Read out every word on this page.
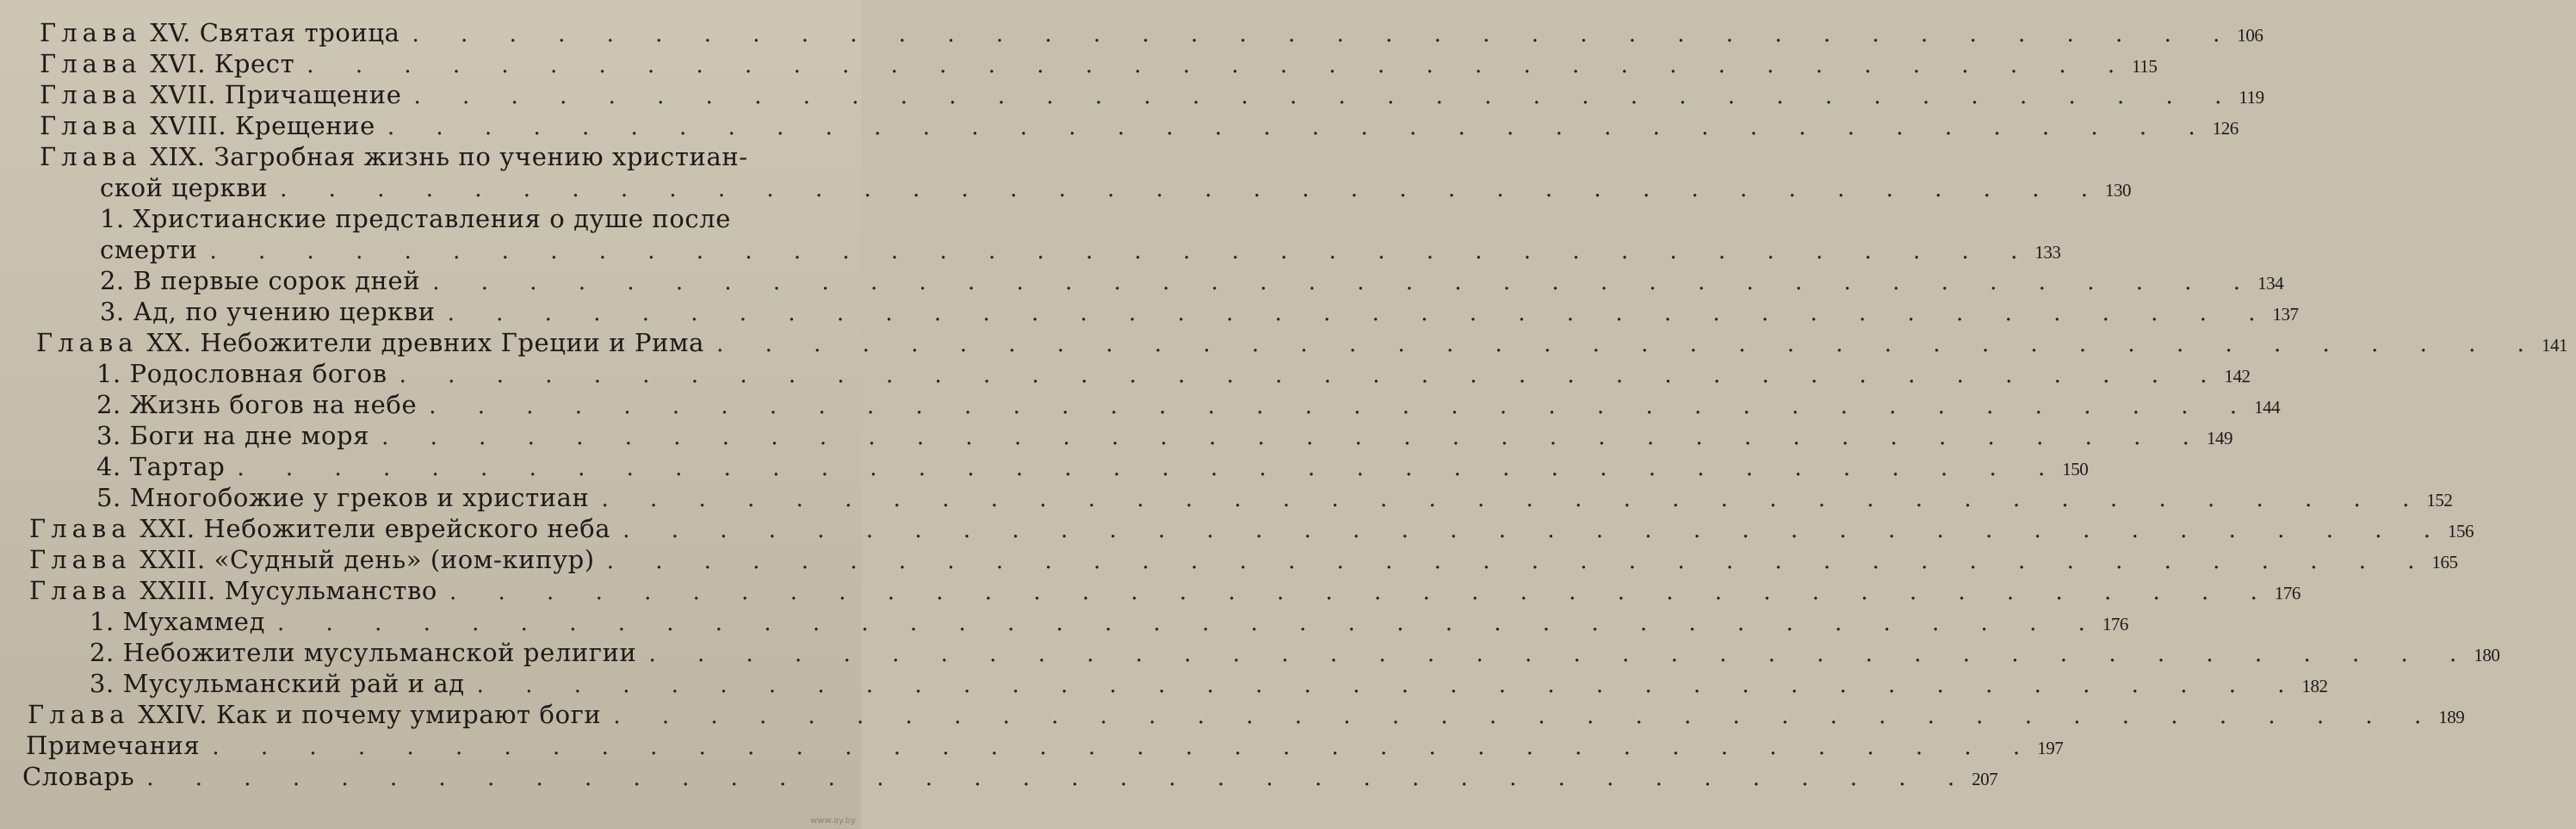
Глава XV. Святая троица . . . . . . . . . . . . . . . . . . . . . . . . . . . . . . . . . . . . . . 106
Глава XVI. Крест . . . . . . . . . . . . . . . . . . . . . . . . . . . . . . . . . . . . . . 115
Глава XVII. Причащение . . . . . . . . . . . . . . . . . . . . . . . . . . . . . . . . . . . . . . 119
Глава XVIII. Крещение . . . . . . . . . . . . . . . . . . . . . . . . . . . . . . . . . . . . . . 126
Глава XIX. Загробная жизнь по учению христиан-
ской церкви . . . . . . . . . . . . . . . . . . . . . . . . . . . . . . . . . . . . . . 130
1. Христианские представления о душе после
смерти . . . . . . . . . . . . . . . . . . . . . . . . . . . . . . . . . . . . . . 133
2. В первые сорок дней . . . . . . . . . . . . . . . . . . . . . . . . . . . . . . . . . . . . . . 134
3. Ад, по учению церкви . . . . . . . . . . . . . . . . . . . . . . . . . . . . . . . . . . . . . . 137
Глава XX. Небожители древних Греции и Рима . . . . . . . . . . . . . . . . . . . . . . . . . . . . . . . . . . . . . . 141
1. Родословная богов . . . . . . . . . . . . . . . . . . . . . . . . . . . . . . . . . . . . . . 142
2. Жизнь богов на небе . . . . . . . . . . . . . . . . . . . . . . . . . . . . . . . . . . . . . . 144
3. Боги на дне моря . . . . . . . . . . . . . . . . . . . . . . . . . . . . . . . . . . . . . . 149
4. Тартар . . . . . . . . . . . . . . . . . . . . . . . . . . . . . . . . . . . . . . 150
5. Многобожие у греков и христиан . . . . . . . . . . . . . . . . . . . . . . . . . . . . . . . . . . . . . . 152
Глава XXI. Небожители еврейского неба . . . . . . . . . . . . . . . . . . . . . . . . . . . . . . . . . . . . . . 156
Глава XXII. «Судный день» (иом-кипур) . . . . . . . . . . . . . . . . . . . . . . . . . . . . . . . . . . . . . . 165
Глава XXIII. Мусульманство . . . . . . . . . . . . . . . . . . . . . . . . . . . . . . . . . . . . . . 176
1. Мухаммед . . . . . . . . . . . . . . . . . . . . . . . . . . . . . . . . . . . . . . 176
2. Небожители мусульманской религии . . . . . . . . . . . . . . . . . . . . . . . . . . . . . . . . . . . . . . 180
3. Мусульманский рай и ад . . . . . . . . . . . . . . . . . . . . . . . . . . . . . . . . . . . . . . 182
Глава XXIV. Как и почему умирают боги . . . . . . . . . . . . . . . . . . . . . . . . . . . . . . . . . . . . . . 189
Примечания . . . . . . . . . . . . . . . . . . . . . . . . . . . . . . . . . . . . . . 197
Словарь . . . . . . . . . . . . . . . . . . . . . . . . . . . . . . . . . . . . . . 207
www.ay.by
